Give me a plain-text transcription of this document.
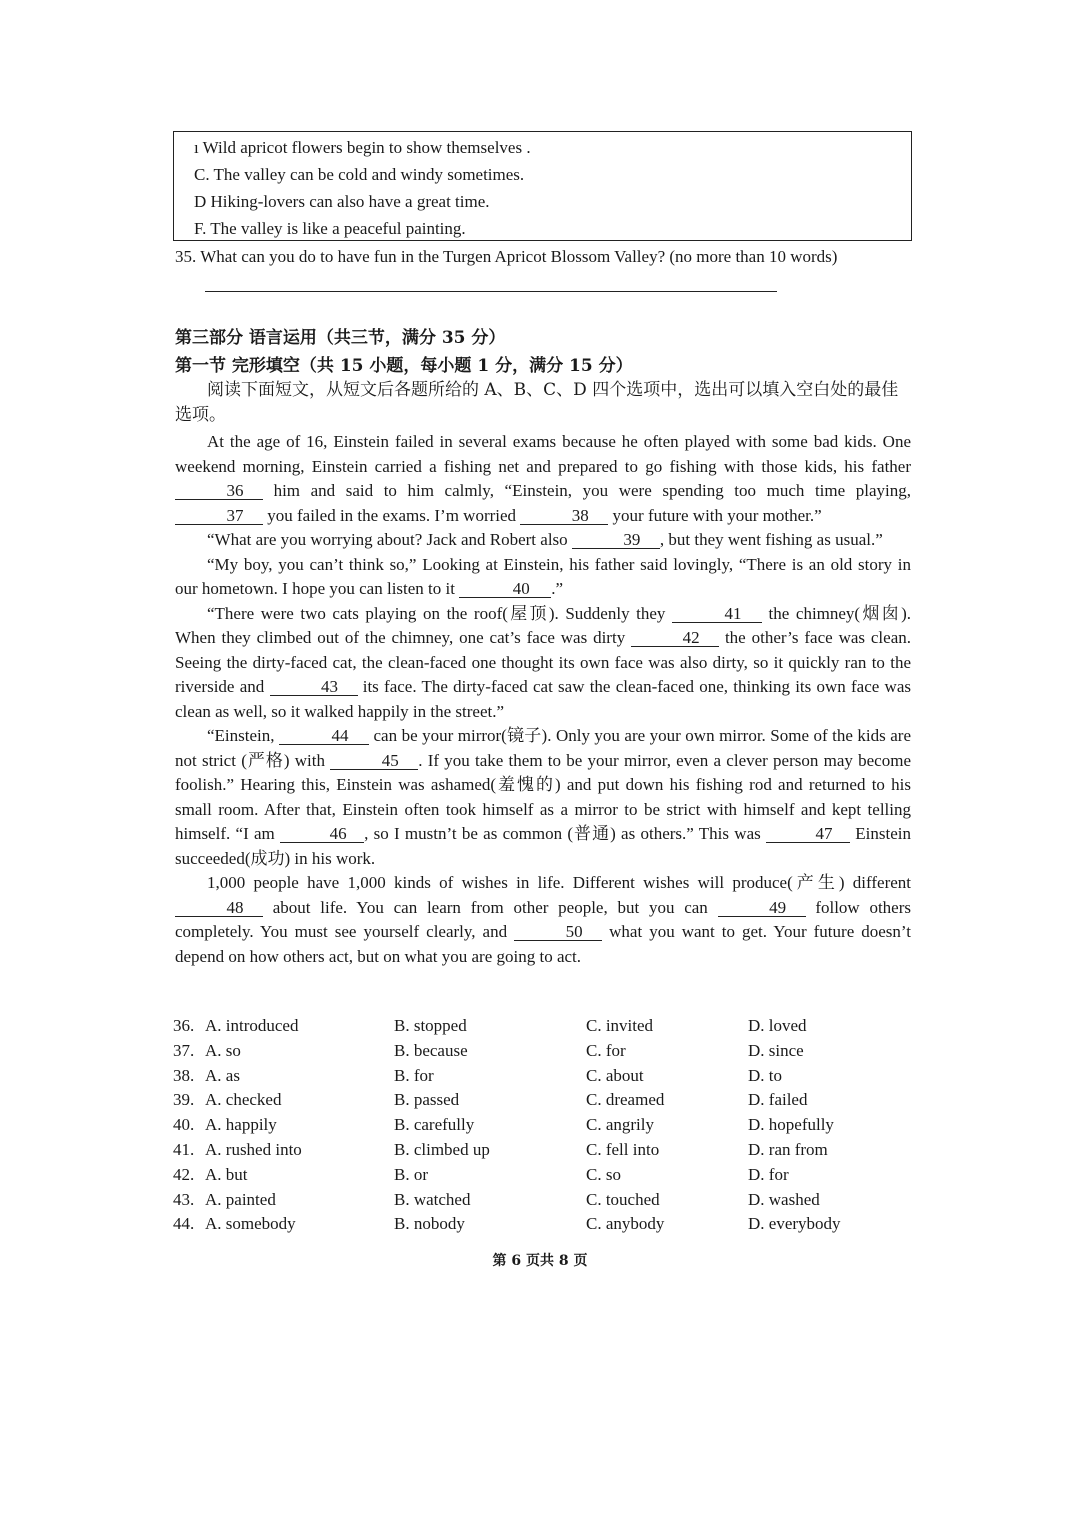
ı Wild apricot flowers begin to show themselves .
C. The valley can be cold and windy sometimes.
D Hiking-lovers can also have a great time.
F. The valley is like a peaceful painting.
35. What can you do to have fun in the Turgen Apricot Blossom Valley? (no more than 10 words)
第三部分 语言运用（共三节，满分 35 分）
第一节 完形填空（共 15 小题，每小题 1 分，满分 15 分）
阅读下面短文，从短文后各题所给的 A、B、C、D 四个选项中，选出可以填入空白处的最佳选项。

At the age of 16, Einstein failed in several exams because he often played with some bad kids. One weekend morning, Einstein carried a fishing net and prepared to go fishing with those kids, his father 36 him and said to him calmly, “Einstein, you were spending too much time playing, 37 you failed in the exams. I’m worried	38 your future with your mother.”

“What are you worrying about? Jack and Robert also	39 , but they went fishing as usual.”

“My boy, you can’t think so,” Looking at Einstein, his father said lovingly, “There is an old story in our hometown. I hope you can listen to it	40 .”

“There were two cats playing on the roof(屋顶). Suddenly they	41 the chimney(烟囱). When they climbed out of the chimney, one cat’s face was dirty	42 the other’s face was clean. Seeing the dirty-faced cat, the clean-faced one thought its own face was also dirty, so it quickly ran to the riverside and	43 its face. The dirty-faced cat saw the clean-faced one, thinking its own face was clean as well, so it walked happily in the street.”

“Einstein,	44 can be your mirror(镜子). Only you are your own mirror. Some of the kids are not strict (严格) with	45 . If you take them to be your mirror, even a clever person may become foolish.” Hearing this, Einstein was ashamed(羞愧的) and put down his fishing rod and returned to his small room. After that, Einstein often took himself as a mirror to be strict with himself and kept telling himself. “I am	46 , so I mustn’t be as common (普通) as others.” This was	47 Einstein succeeded(成功) in his work.

1,000 people have 1,000 kinds of wishes in life. Different wishes will produce(产生) different 48 about life. You can learn from other people, but you can	49 follow others completely. You must see yourself clearly, and	50 what you want to get. Your future doesn’t depend on how others act, but on what you are going to act.

36. A. introduced	B. stopped	C. invited	D. loved
37. A. so	B. because	C. for	D. since
38. A. as	B. for	C. about	D. to
39. A. checked	B. passed	C. dreamed	D. failed
40. A. happily	B. carefully	C. angrily	D. hopefully
41. A. rushed into	B. climbed up	C. fell into	D. ran from
42. A. but	B. or	C. so	D. for
43. A. painted	B. watched	C. touched	D. washed
44. A. somebody	B. nobody	C. anybody	D. everybody
第 6 页共 8 页
